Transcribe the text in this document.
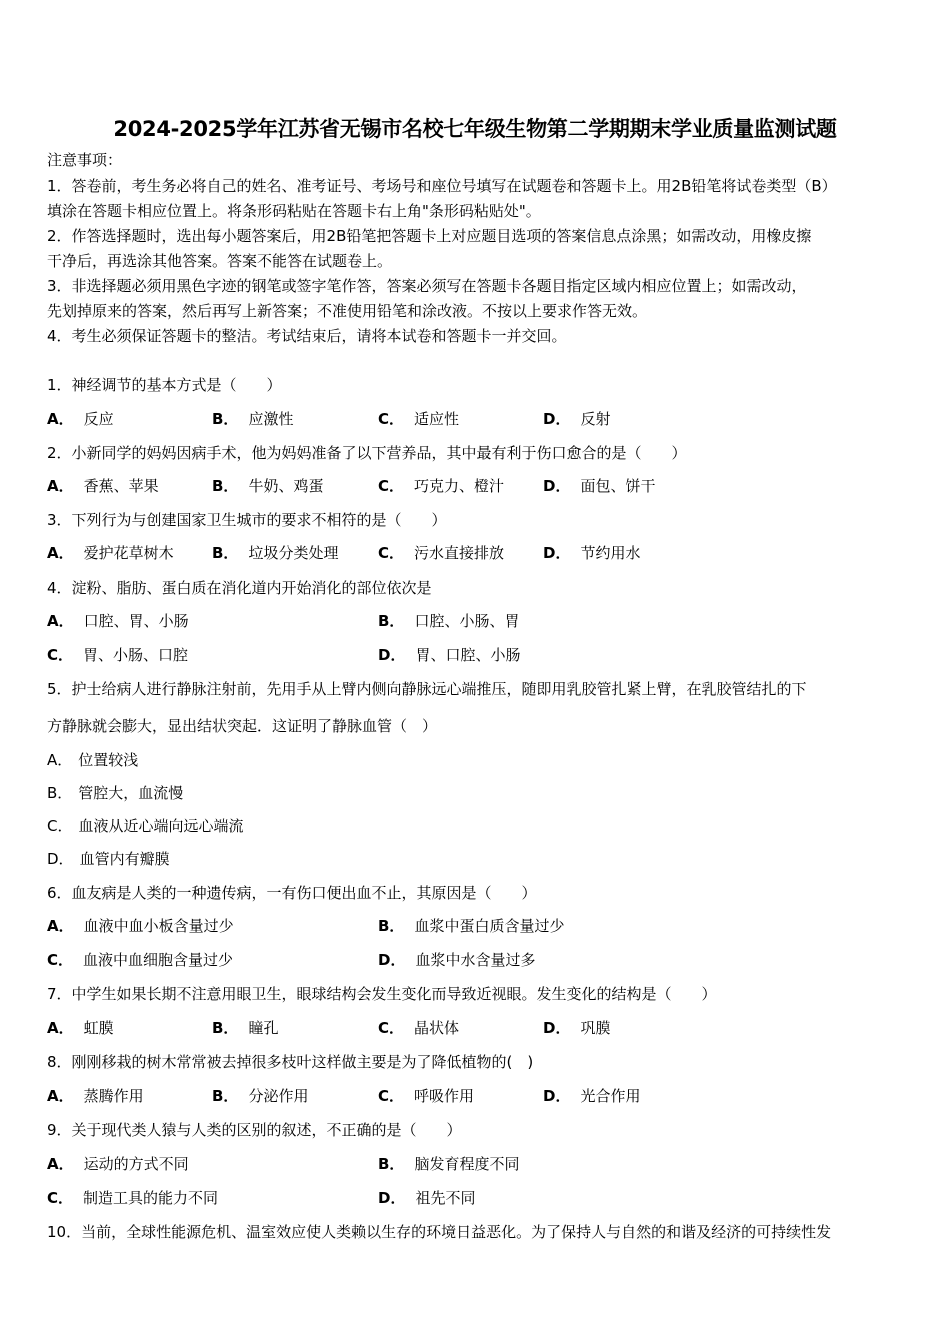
2024-2025学年江苏省无锡市名校七年级生物第二学期期末学业质量监测试题
注意事项：
1．答卷前，考生务必将自己的姓名、准考证号、考场号和座位号填写在试题卷和答题卡上。用2B铅笔将试卷类型（B）
填涂在答题卡相应位置上。将条形码粘贴在答题卡右上角"条形码粘贴处"。
2．作答选择题时，选出每小题答案后，用2B铅笔把答题卡上对应题目选项的答案信息点涂黑；如需改动，用橡皮擦
干净后，再选涂其他答案。答案不能答在试题卷上。
3．非选择题必须用黑色字迹的钢笔或签字笔作答，答案必须写在答题卡各题目指定区域内相应位置上；如需改动，
先划掉原来的答案，然后再写上新答案；不准使用铅笔和涂改液。不按以上要求作答无效。
4．考生必须保证答题卡的整洁。考试结束后，请将本试卷和答题卡一并交回。
1．神经调节的基本方式是（　　）
A． 反应	B． 应激性	C． 适应性	D． 反射
2．小新同学的妈妈因病手术，他为妈妈准备了以下营养品，其中最有利于伤口愈合的是（　　）
A． 香蕉、苹果	B． 牛奶、鸡蛋	C． 巧克力、橙汁	D． 面包、饼干
3．下列行为与创建国家卫生城市的要求不相符的是（　　）
A． 爱护花草树木	B． 垃圾分类处理	C． 污水直接排放	D． 节约用水
4．淀粉、脂肪、蛋白质在消化道内开始消化的部位依次是
A． 口腔、胃、小肠	B． 口腔、小肠、胃
C． 胃、小肠、口腔	D． 胃、口腔、小肠
5．护士给病人进行静脉注射前，先用手从上臂内侧向静脉远心端推压，随即用乳胶管扎紧上臂，在乳胶管结扎的下
方静脉就会膨大，显出结状突起．这证明了静脉血管（　）
A． 位置较浅
B． 管腔大，血流慢
C． 血液从近心端向远心端流
D． 血管内有瓣膜
6．血友病是人类的一种遗传病，一有伤口便出血不止，其原因是（　　）
A． 血液中血小板含量过少	B． 血浆中蛋白质含量过少
C． 血液中血细胞含量过少	D． 血浆中水含量过多
7．中学生如果长期不注意用眼卫生，眼球结构会发生变化而导致近视眼。发生变化的结构是（　　）
A． 虹膜	B． 瞳孔	C． 晶状体	D． 巩膜
8．刚刚移栽的树木常常被去掉很多枝叶这样做主要是为了降低植物的(　)
A． 蒸腾作用	B． 分泌作用	C． 呼吸作用	D． 光合作用
9．关于现代类人猿与人类的区别的叙述，不正确的是（　　）
A． 运动的方式不同	B． 脑发育程度不同
C． 制造工具的能力不同	D． 祖先不同
10．当前，全球性能源危机、温室效应使人类赖以生存的环境日益恶化。为了保持人与自然的和谐及经济的可持续性发
